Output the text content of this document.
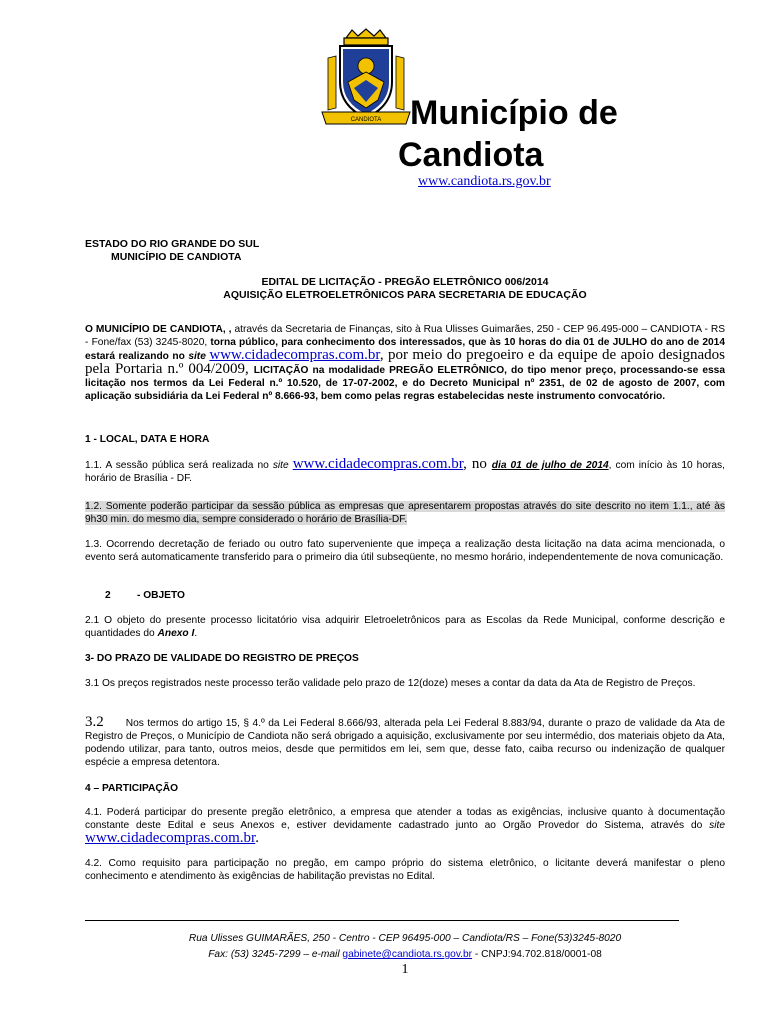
CANDIOTA Município de
Candiota
www.candiota.rs.gov.br
ESTADO DO RIO GRANDE DO SUL
MUNICÍPIO DE CANDIOTA
EDITAL DE LICITAÇÃO - PREGÃO ELETRÔNICO 006/2014
AQUISIÇÃO ELETROELETRÔNICOS PARA SECRETARIA DE EDUCAÇÃO
O MUNICÍPIO DE CANDIOTA, , através da Secretaria de Finanças, sito à Rua Ulisses Guimarães, 250 - CEP 96.495-000 – CANDIOTA - RS - Fone/fax (53) 3245-8020, torna público, para conhecimento dos interessados, que às 10 horas do dia 01 de JULHO do ano de 2014 estará realizando no site www.cidadecompras.com.br, por meio do pregoeiro e da equipe de apoio designados pela Portaria n.º 004/2009, LICITAÇÃO na modalidade PREGÃO ELETRÔNICO, do tipo menor preço, processando-se essa licitação nos termos da Lei Federal n.º 10.520, de 17-07-2002, e do Decreto Municipal nº 2351, de 02 de agosto de 2007, com aplicação subsidiária da Lei Federal nº 8.666-93, bem como pelas regras estabelecidas neste instrumento convocatório.
1 - LOCAL, DATA E HORA
1.1. A sessão pública será realizada no site www.cidadecompras.com.br, no dia 01 de julho de 2014, com início às 10 horas, horário de Brasília - DF.
1.2. Somente poderão participar da sessão pública as empresas que apresentarem propostas através do site descrito no item 1.1., até às 9h30 min. do mesmo dia, sempre considerado o horário de Brasília-DF.
1.3. Ocorrendo decretação de feriado ou outro fato superveniente que impeça a realização desta licitação na data acima mencionada, o evento será automaticamente transferido para o primeiro dia útil subseqüente, no mesmo horário, independentemente de nova comunicação.
2	- OBJETO
2.1 O objeto do presente processo licitatório visa adquirir Eletroeletrônicos para as Escolas da Rede Municipal, conforme descrição e quantidades do Anexo I.
3- DO PRAZO DE VALIDADE DO REGISTRO DE PREÇOS
3.1 Os preços registrados neste processo terão validade pelo prazo de 12(doze) meses a contar da data da Ata de Registro de Preços.
3.2 Nos termos do artigo 15, § 4.º da Lei Federal 8.666/93, alterada pela Lei Federal 8.883/94, durante o prazo de validade da Ata de Registro de Preços, o Município de Candiota não será obrigado a aquisição, exclusivamente por seu intermédio, dos materiais objeto da Ata, podendo utilizar, para tanto, outros meios, desde que permitidos em lei, sem que, desse fato, caiba recurso ou indenização de qualquer espécie a empresa detentora.
4 – PARTICIPAÇÃO
4.1. Poderá participar do presente pregão eletrônico, a empresa que atender a todas as exigências, inclusive quanto à documentação constante deste Edital e seus Anexos e, estiver devidamente cadastrado junto ao Orgão Provedor do Sistema, através do site www.cidadecompras.com.br.
4.2. Como requisito para participação no pregão, em campo próprio do sistema eletrônico, o licitante deverá manifestar o pleno conhecimento e atendimento às exigências de habilitação previstas no Edital.
Rua Ulisses GUIMARÃES, 250 - Centro - CEP 96495-000 – Candiota/RS – Fone(53)3245-8020
Fax: (53) 3245-7299 – e-mail gabinete@candiota.rs.gov.br - CNPJ:94.702.818/0001-08
1
